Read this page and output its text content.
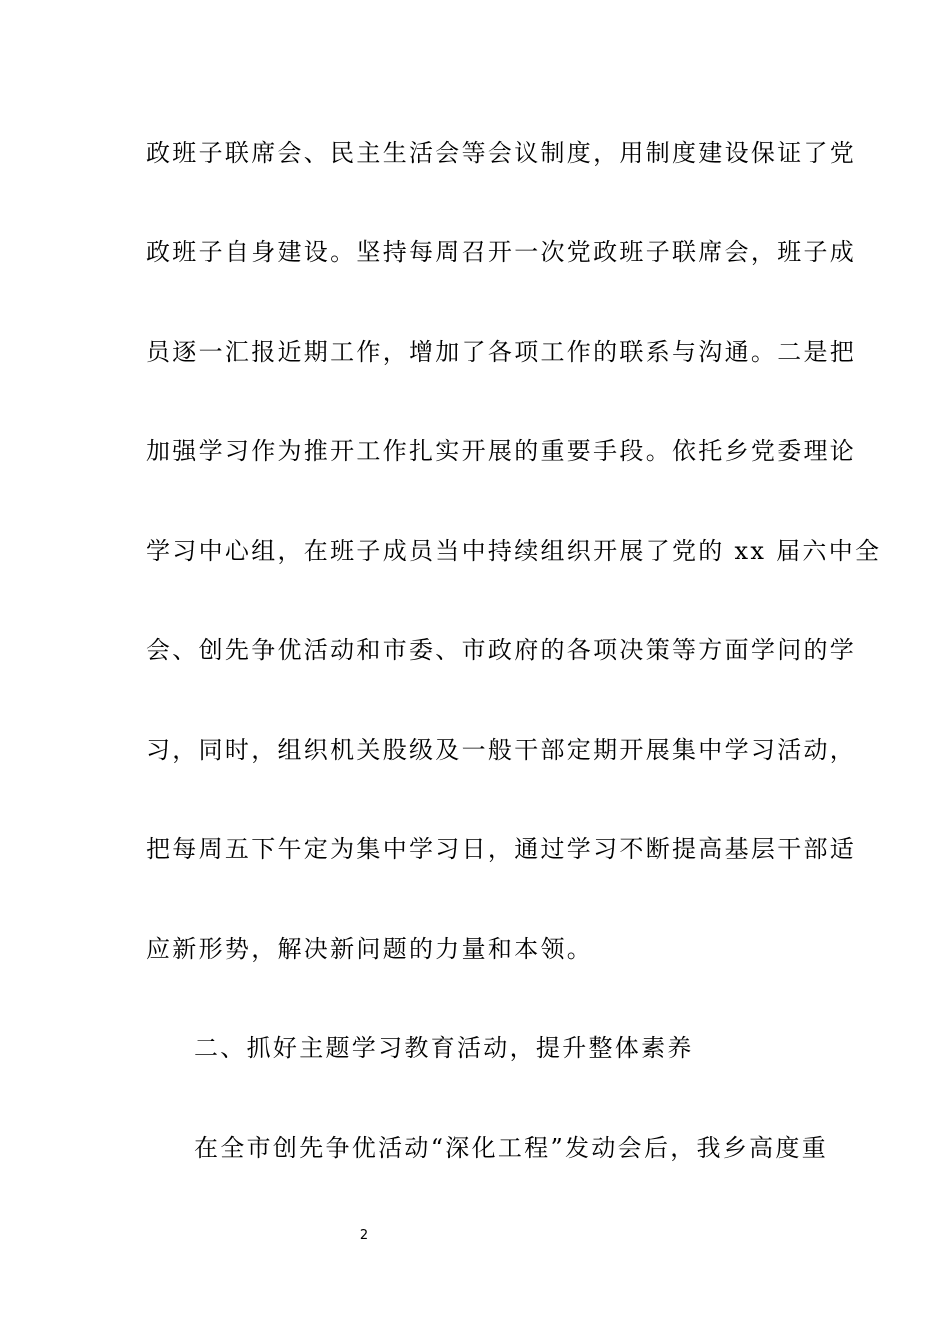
政班子联席会、民主生活会等会议制度，用制度建设保证了党
政班子自身建设。坚持每周召开一次党政班子联席会，班子成
员逐一汇报近期工作，增加了各项工作的联系与沟通。二是把
加强学习作为推开工作扎实开展的重要手段。依托乡党委理论
学习中心组，在班子成员当中持续组织开展了党的 xx 届六中全
会、创先争优活动和市委、市政府的各项决策等方面学问的学
习，同时，组织机关股级及一般干部定期开展集中学习活动，
把每周五下午定为集中学习日，通过学习不断提高基层干部适
应新形势，解决新问题的力量和本领。
二、抓好主题学习教育活动，提升整体素养
在全市创先争优活动“深化工程”发动会后，我乡高度重
2
